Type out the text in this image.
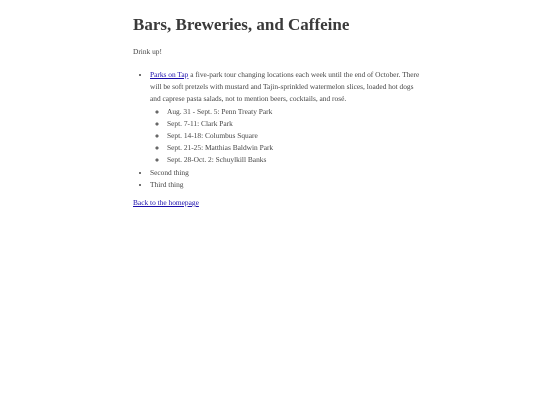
Bars, Breweries, and Caffeine

Drink up!

• Parks on Tap a five-park tour changing locations each week until the end of October. There will be soft pretzels with mustard and Tajin-sprinkled watermelon slices, loaded hot dogs and caprese pasta salads, not to mention beers, cocktails, and rosé.
◦ Aug. 31 - Sept. 5: Penn Treaty Park
◦ Sept. 7-11: Clark Park
◦ Sept. 14-18: Columbus Square
◦ Sept. 21-25: Matthias Baldwin Park
◦ Sept. 28-Oct. 2: Schuylkill Banks
• Second thing
• Third thing

Back to the homepage
